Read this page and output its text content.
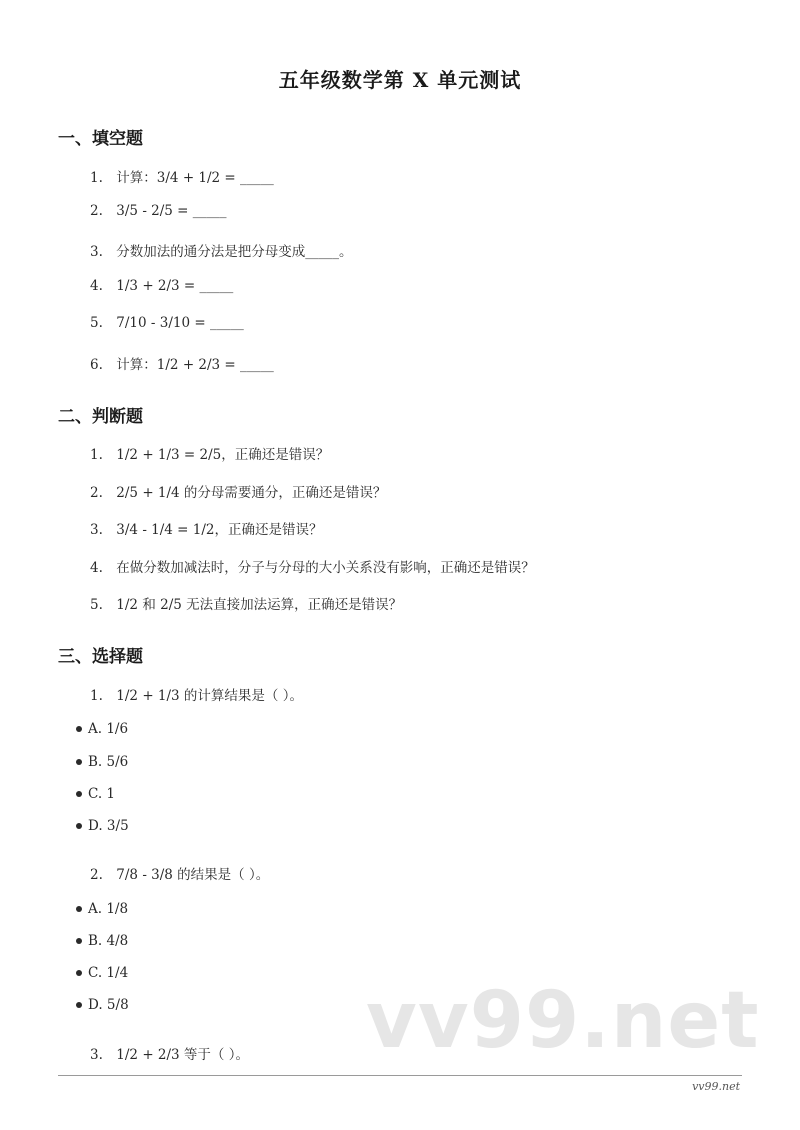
五年级数学第 X 单元测试
一、填空题
1. 计算：3/4 + 1/2 = _____
2. 3/5 - 2/5 = _____
3. 分数加法的通分法是把分母变成_____。
4. 1/3 + 2/3 = _____
5. 7/10 - 3/10 = _____
6. 计算：1/2 + 2/3 = _____
二、判断题
1. 1/2 + 1/3 = 2/5，正确还是错误？
2. 2/5 + 1/4 的分母需要通分，正确还是错误？
3. 3/4 - 1/4 = 1/2，正确还是错误？
4. 在做分数加减法时，分子与分母的大小关系没有影响，正确还是错误？
5. 1/2 和 2/5 无法直接加法运算，正确还是错误？
三、选择题
1. 1/2 + 1/3 的计算结果是（ ）。
A. 1/6
B. 5/6
C. 1
D. 3/5
2. 7/8 - 3/8 的结果是（ ）。
A. 1/8
B. 4/8
C. 1/4
D. 5/8	vv99.net
3. 1/2 + 2/3 等于（ ）。
vv99.net
